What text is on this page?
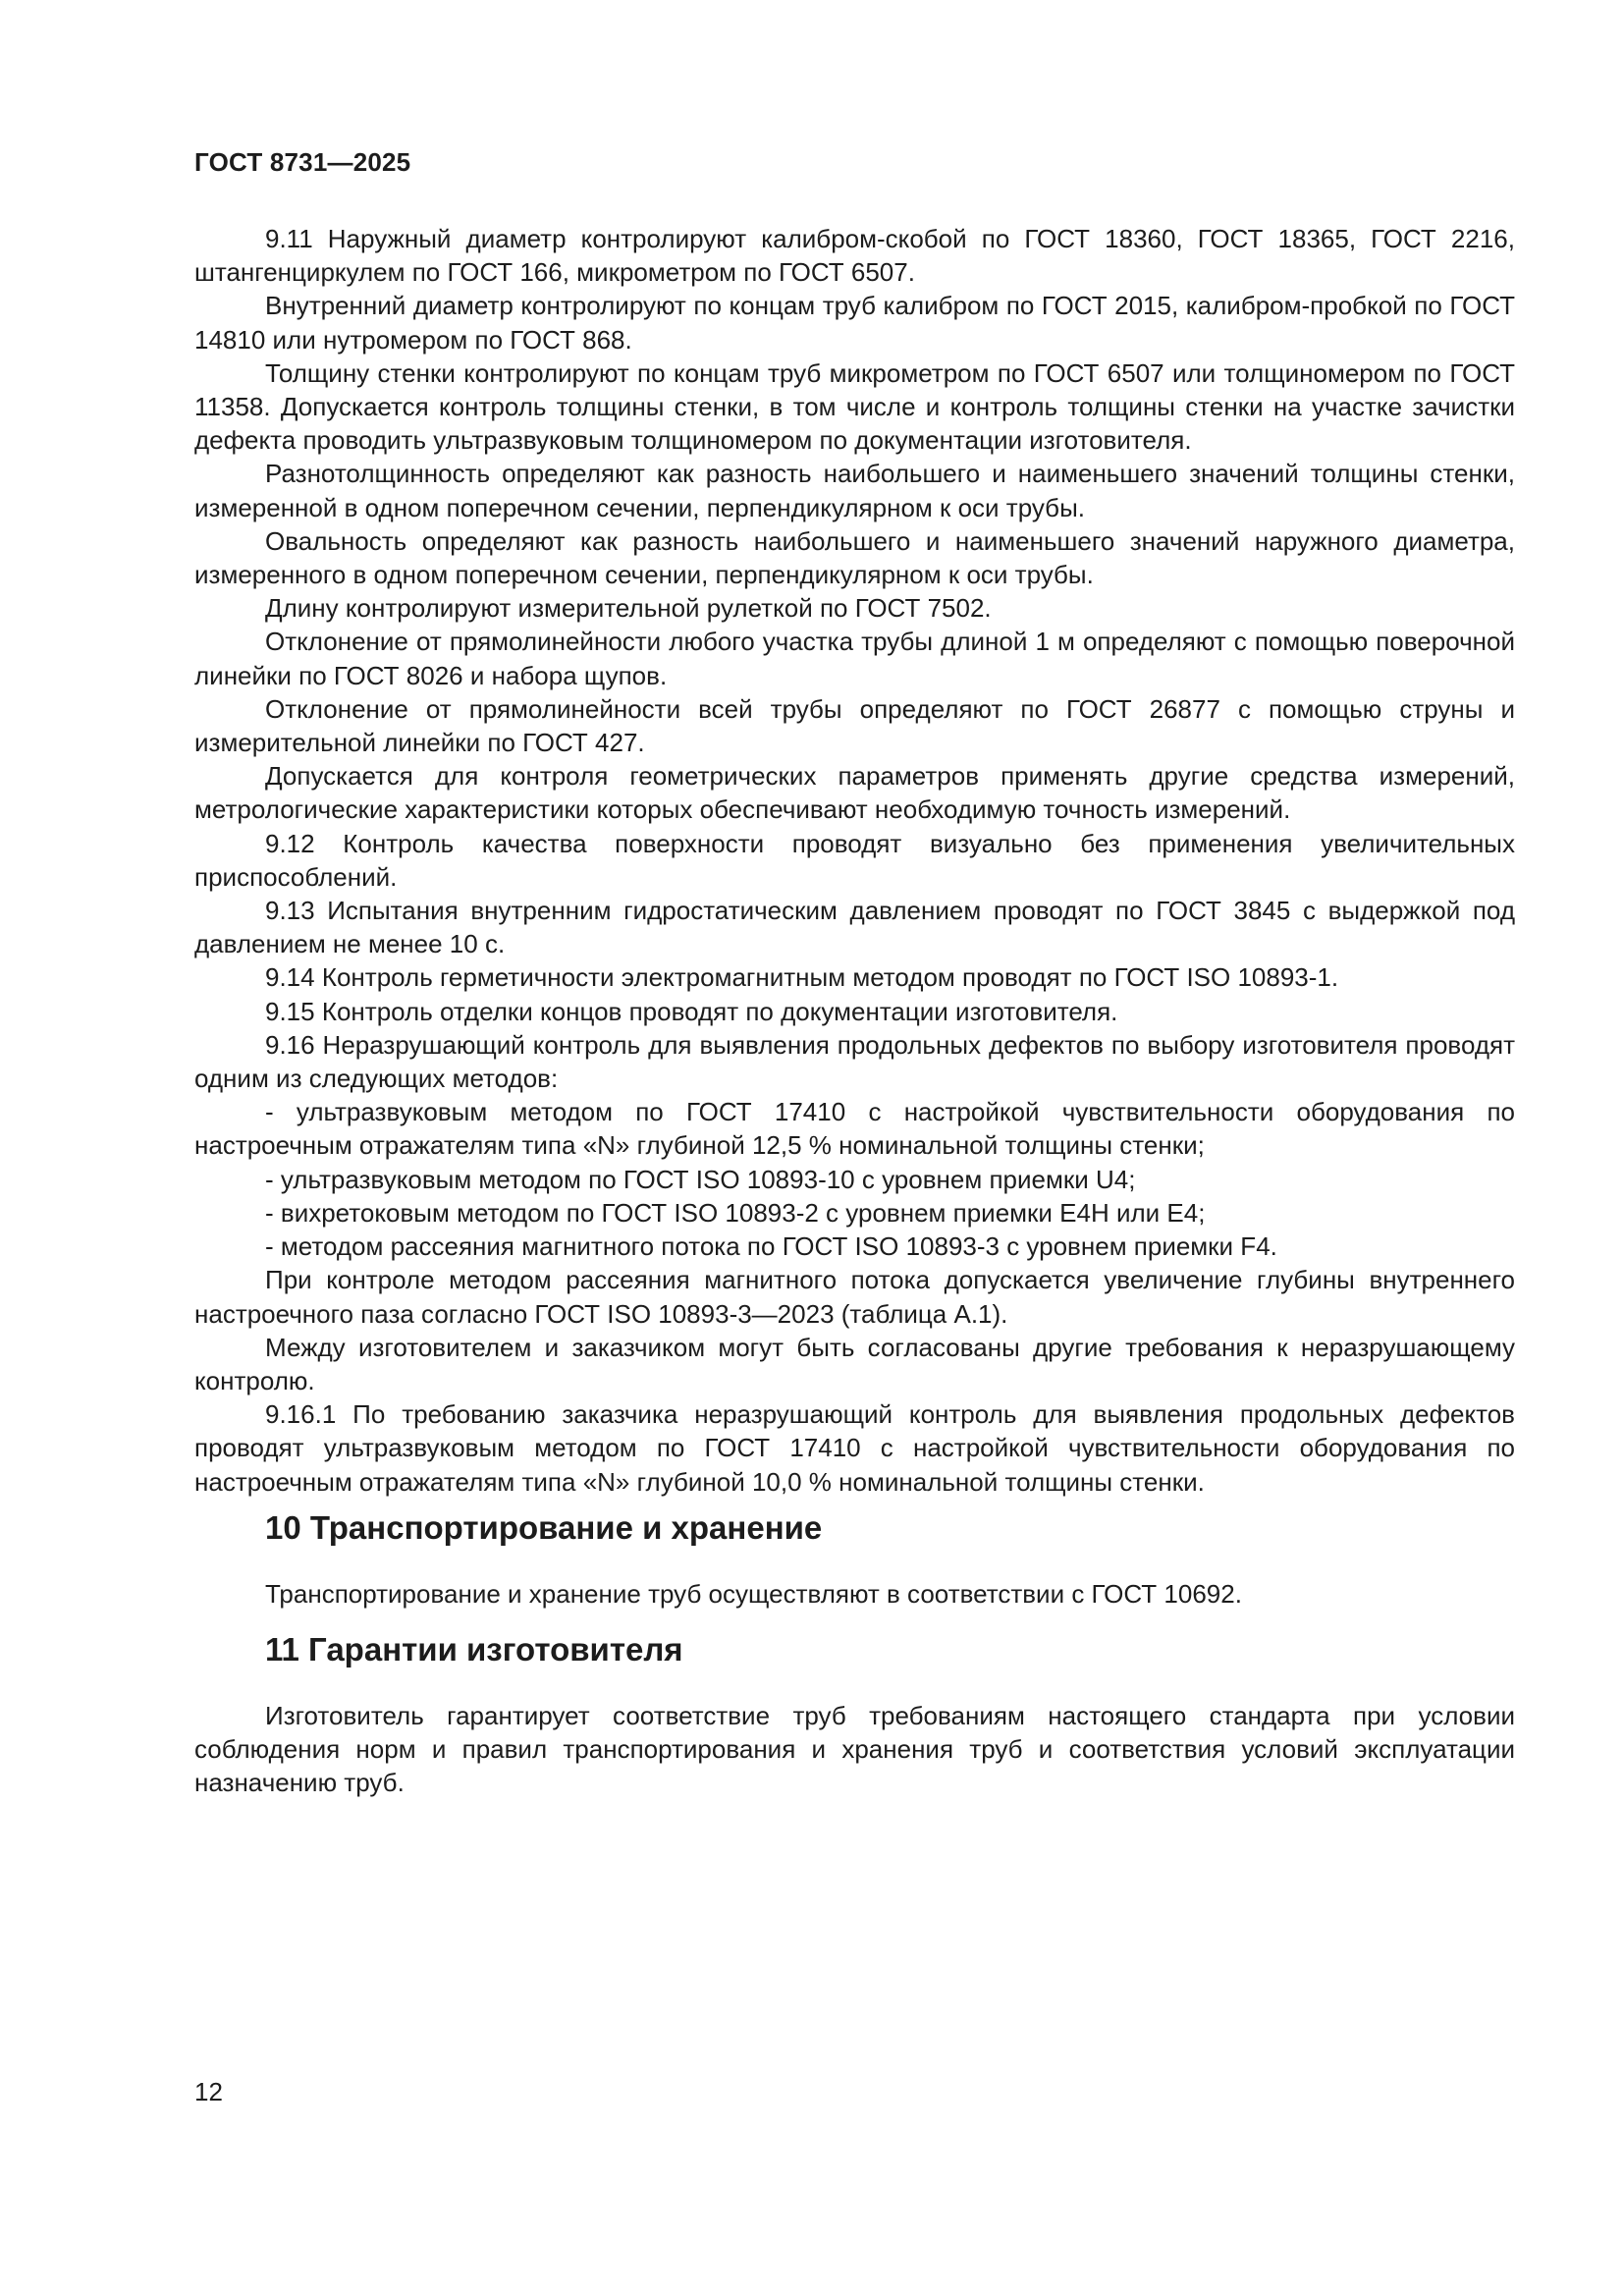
ГОСТ 8731—2025

9.11 Наружный диаметр контролируют калибром-скобой по ГОСТ 18360, ГОСТ 18365, ГОСТ 2216, штангенциркулем по ГОСТ 166, микрометром по ГОСТ 6507.

Внутренний диаметр контролируют по концам труб калибром по ГОСТ 2015, калибром-пробкой по ГОСТ 14810 или нутромером по ГОСТ 868.

Толщину стенки контролируют по концам труб микрометром по ГОСТ 6507 или толщиномером по ГОСТ 11358. Допускается контроль толщины стенки, в том числе и контроль толщины стенки на участке зачистки дефекта проводить ультразвуковым толщиномером по документации изготовителя.

Разнотолщинность определяют как разность наибольшего и наименьшего значений толщины стенки, измеренной в одном поперечном сечении, перпендикулярном к оси трубы.

Овальность определяют как разность наибольшего и наименьшего значений наружного диаметра, измеренного в одном поперечном сечении, перпендикулярном к оси трубы.

Длину контролируют измерительной рулеткой по ГОСТ 7502.

Отклонение от прямолинейности любого участка трубы длиной 1 м определяют с помощью поверочной линейки по ГОСТ 8026 и набора щупов.

Отклонение от прямолинейности всей трубы определяют по ГОСТ 26877 с помощью струны и измерительной линейки по ГОСТ 427.

Допускается для контроля геометрических параметров применять другие средства измерений, метрологические характеристики которых обеспечивают необходимую точность измерений.

9.12 Контроль качества поверхности проводят визуально без применения увеличительных приспособлений.

9.13 Испытания внутренним гидростатическим давлением проводят по ГОСТ 3845 с выдержкой под давлением не менее 10 с.

9.14 Контроль герметичности электромагнитным методом проводят по ГОСТ ISO 10893-1.

9.15 Контроль отделки концов проводят по документации изготовителя.

9.16 Неразрушающий контроль для выявления продольных дефектов по выбору изготовителя проводят одним из следующих методов:

- ультразвуковым методом по ГОСТ 17410 с настройкой чувствительности оборудования по настроечным отражателям типа «N» глубиной 12,5 % номинальной толщины стенки;

- ультразвуковым методом по ГОСТ ISO 10893-10 с уровнем приемки U4;

- вихретоковым методом по ГОСТ ISO 10893-2 с уровнем приемки E4H или E4;

- методом рассеяния магнитного потока по ГОСТ ISO 10893-3 с уровнем приемки F4.

При контроле методом рассеяния магнитного потока допускается увеличение глубины внутреннего настроечного паза согласно ГОСТ ISO 10893-3—2023 (таблица А.1).

Между изготовителем и заказчиком могут быть согласованы другие требования к неразрушающему контролю.

9.16.1 По требованию заказчика неразрушающий контроль для выявления продольных дефектов проводят ультразвуковым методом по ГОСТ 17410 с настройкой чувствительности оборудования по настроечным отражателям типа «N» глубиной 10,0 % номинальной толщины стенки.

10 Транспортирование и хранение

Транспортирование и хранение труб осуществляют в соответствии с ГОСТ 10692.

11 Гарантии изготовителя

Изготовитель гарантирует соответствие труб требованиям настоящего стандарта при условии соблюдения норм и правил транспортирования и хранения труб и соответствия условий эксплуатации назначению труб.

12
